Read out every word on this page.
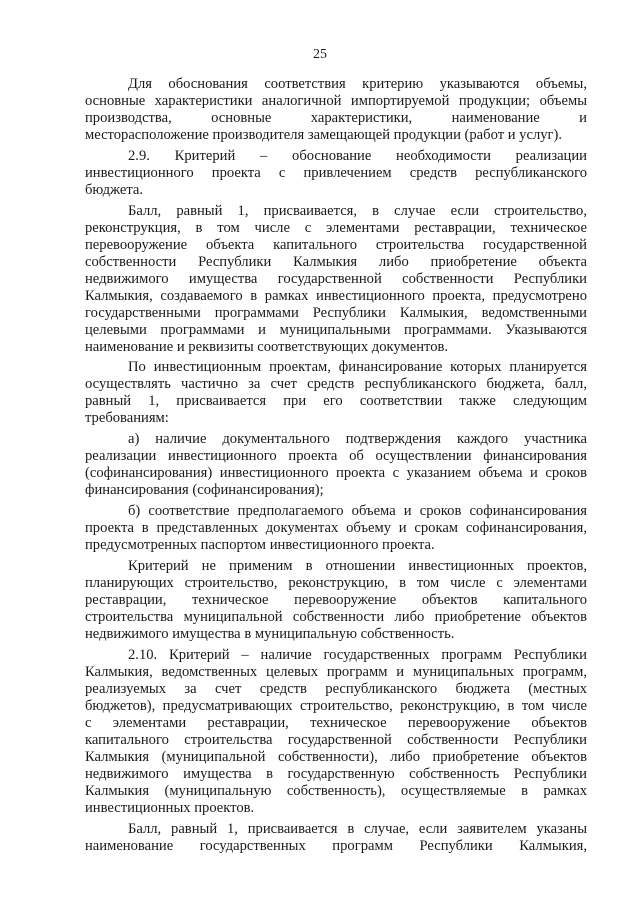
25
Для обоснования соответствия критерию указываются объемы,
основные характеристики аналогичной импортируемой продукции; объемы
производства, основные характеристики, наименование и
месторасположение производителя замещающей продукции (работ и услуг).
2.9. Критерий – обоснование необходимости реализации
инвестиционного проекта с привлечением средств республиканского
бюджета.
Балл, равный 1, присваивается, в случае если строительство,
реконструкция, в том числе с элементами реставрации, техническое
перевооружение объекта капитального строительства государственной
собственности Республики Калмыкия либо приобретение объекта
недвижимого имущества государственной собственности Республики
Калмыкия, создаваемого в рамках инвестиционного проекта, предусмотрено
государственными программами Республики Калмыкия, ведомственными
целевыми программами и муниципальными программами. Указываются
наименование и реквизиты соответствующих документов.
По инвестиционным проектам, финансирование которых планируется
осуществлять частично за счет средств республиканского бюджета, балл,
равный 1, присваивается при его соответствии также следующим
требованиям:
а) наличие документального подтверждения каждого участника
реализации инвестиционного проекта об осуществлении финансирования
(софинансирования) инвестиционного проекта с указанием объема и сроков
финансирования (софинансирования);
б) соответствие предполагаемого объема и сроков софинансирования
проекта в представленных документах объему и срокам софинансирования,
предусмотренных паспортом инвестиционного проекта.
Критерий не применим в отношении инвестиционных проектов,
планирующих строительство, реконструкцию, в том числе с элементами
реставрации, техническое перевооружение объектов капитального
строительства муниципальной собственности либо приобретение объектов
недвижимого имущества в муниципальную собственность.
2.10. Критерий – наличие государственных программ Республики
Калмыкия, ведомственных целевых программ и муниципальных программ,
реализуемых за счет средств республиканского бюджета (местных
бюджетов), предусматривающих строительство, реконструкцию, в том числе
с элементами реставрации, техническое перевооружение объектов
капитального строительства государственной собственности Республики
Калмыкия (муниципальной собственности), либо приобретение объектов
недвижимого имущества в государственную собственность Республики
Калмыкия (муниципальную собственность), осуществляемые в рамках
инвестиционных проектов.
Балл, равный 1, присваивается в случае, если заявителем указаны
наименование государственных программ Республики Калмыкия,
